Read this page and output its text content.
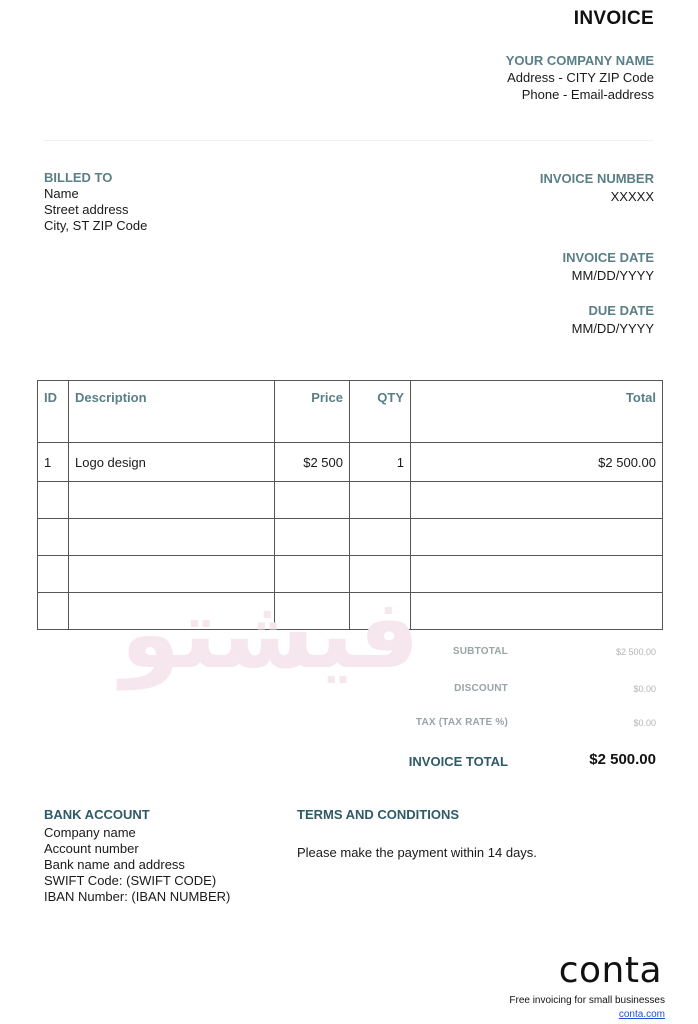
INVOICE
YOUR COMPANY NAME
Address - CITY ZIP Code
Phone - Email-address
BILLED TO
Name
Street address
City, ST ZIP Code
INVOICE NUMBER
XXXXX
INVOICE DATE
MM/DD/YYYY
DUE DATE
MM/DD/YYYY
ID	Description	Price	QTY	Total
1	Logo design	$2 500	1	$2 500.00

فيشتو	SUBTOTAL	$2 500.00
DISCOUNT	$0.00
TAX (TAX RATE %)	$0.00
INVOICE TOTAL	$2 500.00
BANK ACCOUNT
Company name
Account number
Bank name and address
SWIFT Code: (SWIFT CODE)
IBAN Number: (IBAN NUMBER)
TERMS AND CONDITIONS
Please make the payment within 14 days.
conta
Free invoicing for small businesses
conta.com
